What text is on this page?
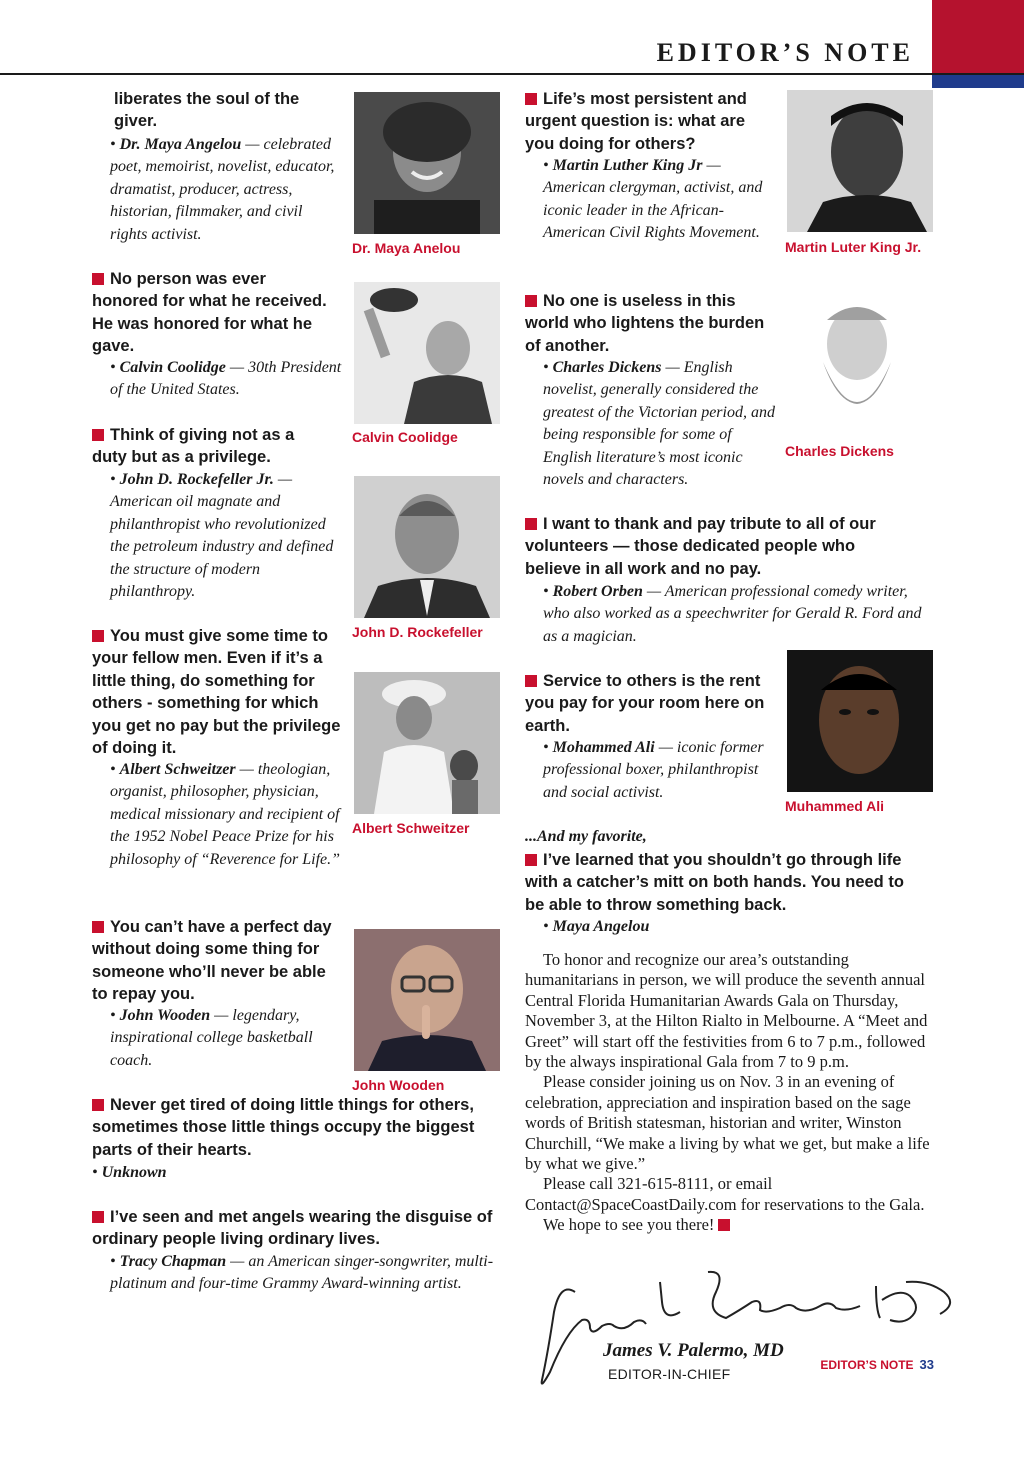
EDITOR’S NOTE
liberates the soul of the giver.
• Dr. Maya Angelou — celebrated poet, memoirist, novelist, educator, dramatist, producer, actress, historian, filmmaker, and civil rights activist.
No person was ever honored for what he received. He was honored for what he gave.
• Calvin Coolidge — 30th President of the United States.
Think of giving not as a duty but as a privilege.
• John D. Rockefeller Jr. — American oil magnate and philanthropist who revolutionized the petroleum industry and defined the structure of modern philanthropy.
You must give some time to your fellow men. Even if it’s a little thing, do something for others - something for which you get no pay but the privilege of doing it.
• Albert Schweitzer — theologian, organist, philosopher, physician, medical missionary and recipient of the 1952 Nobel Peace Prize for his philosophy of “Reverence for Life.”
You can’t have a perfect day without doing some thing for someone who’ll never be able to repay you.
• John Wooden — legendary, inspirational college basketball coach.
Never get tired of doing little things for others, sometimes those little things occupy the biggest parts of their hearts.
• Unknown
I’ve seen and met angels wearing the disguise of ordinary people living ordinary lives.
• Tracy Chapman — an American singer-songwriter, multi-platinum and four-time Grammy Award-winning artist.
Dr. Maya Anelou
Calvin Coolidge
John D. Rockefeller
Albert Schweitzer
John Wooden
Life’s most persistent and urgent question is: what are you doing for others?
• Martin Luther King Jr — American clergyman, activist, and iconic leader in the African-American Civil Rights Movement.
No one is useless in this world who lightens the burden of another.
• Charles Dickens — English novelist, generally considered the greatest of the Victorian period, and being responsible for some of English literature’s most iconic novels and characters.
I want to thank and pay tribute to all of our volunteers — those dedicated people who believe in all work and no pay.
• Robert Orben — American professional comedy writer, who also worked as a speechwriter for Gerald R. Ford and as a magician.
Service to others is the rent you pay for your room here on earth.
• Mohammed Ali — iconic former professional boxer, philanthropist and social activist.
Martin Luter King Jr.
Charles Dickens
Muhammed Ali
...And my favorite,
I’ve learned that you shouldn’t go through life with a catcher’s mitt on both hands. You need to be able to throw something back.
• Maya Angelou

To honor and recognize our area’s outstanding humanitarians in person, we will produce the seventh annual Central Florida Humanitarian Awards Gala on Thursday, November 3, at the Hilton Rialto in Melbourne. A “Meet and Greet” will start off the festivities from 6 to 7 p.m., followed by the always inspirational Gala from 7 to 9 p.m.

Please consider joining us on Nov. 3 in an evening of celebration, appreciation and inspiration based on the sage words of British statesman, historian and writer, Winston Churchill, “We make a living by what we get, but make a life by what we give.”

Please call 321-615-8111, or email Contact@SpaceCoastDaily.com for reservations to the Gala.

We hope to see you there!

James V. Palermo, MD
EDITOR-IN-CHIEF
EDITOR’S NOTE 33
